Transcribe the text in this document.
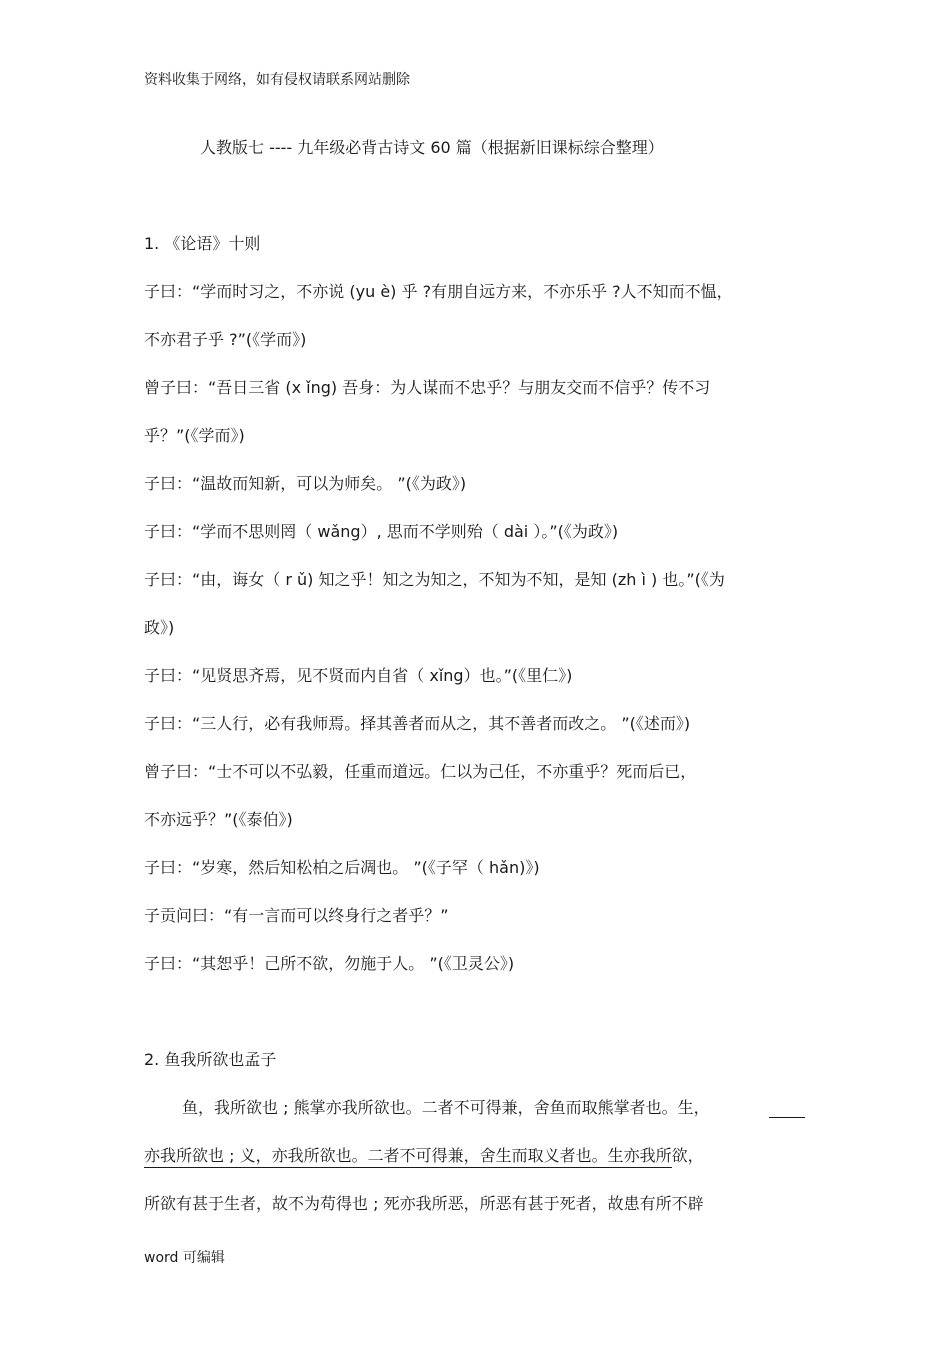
资料收集于网络，如有侵权请联系网站删除
人教版七 ---- 九年级必背古诗文 60 篇（根据新旧课标综合整理）
1. 《论语》十则
子曰：“学而时习之，不亦说 (yu è) 乎 ?有朋自远方来，不亦乐乎 ?人不知而不愠，
不亦君子乎 ?”(《学而》)
曾子曰：“吾日三省 (x ǐng) 吾身：为人谋而不忠乎？与朋友交而不信乎？传不习
乎？”(《学而》)
子曰：“温故而知新，可以为师矣。 ”(《为政》)
子曰：“学而不思则罔（ wǎng）, 思而不学则殆（ dài ）。”(《为政》)
子曰：“由，诲女（ r ǔ) 知之乎！知之为知之，不知为不知，是知 (zh ì ) 也。”(《为
政》)
子曰：“见贤思齐焉，见不贤而内自省（ xǐng）也。”(《里仁》)
子曰：“三人行，必有我师焉。择其善者而从之，其不善者而改之。 ”(《述而》)
曾子曰：“士不可以不弘毅，任重而道远。仁以为己任，不亦重乎？死而后已，
不亦远乎？”(《泰伯》)
子曰：“岁寒，然后知松柏之后凋也。 ”(《子罕（ hǎn)》)
子贡问曰：“有一言而可以终身行之者乎？”
子曰：“其恕乎！己所不欲，勿施于人。 ”(《卫灵公》)
2. 鱼我所欲也孟子
鱼，我所欲也 ; 熊掌亦我所欲也。二者不可得兼，舍鱼而取熊掌者也。生，
亦我所欲也 ; 义，亦我所欲也。二者不可得兼，舍生而取义者也。生亦我所欲，
所欲有甚于生者，故不为苟得也 ; 死亦我所恶，所恶有甚于死者，故患有所不辟
word 可编辑
